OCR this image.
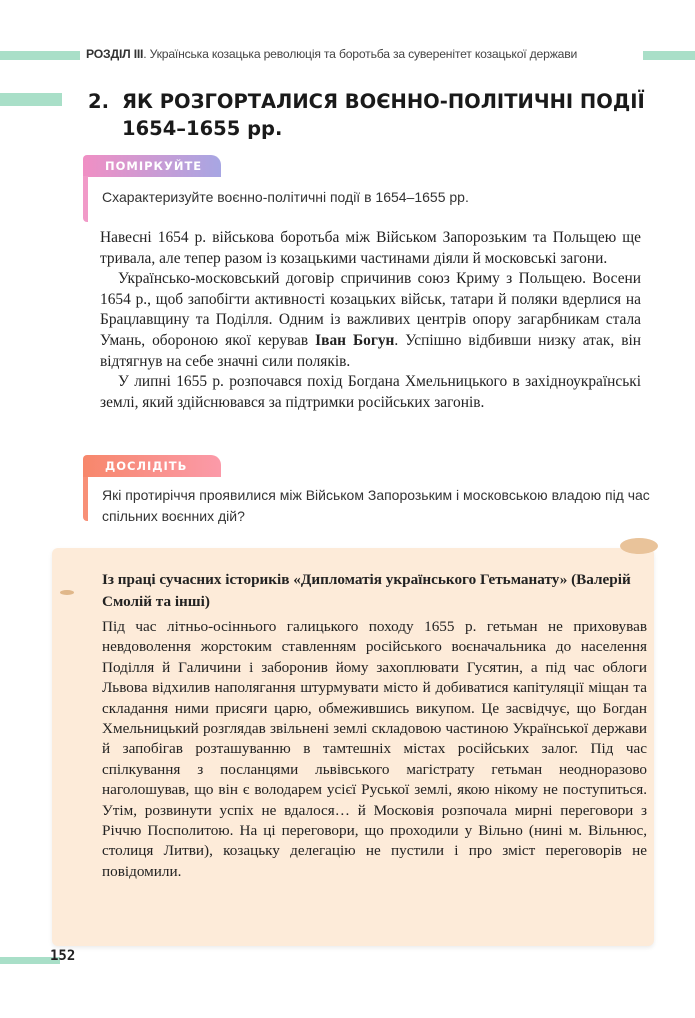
РОЗДІЛ III. Українська козацька революція та боротьба за суверенітет козацької держави
2. ЯК РОЗГОРТАЛИСЯ ВОЄННО-ПОЛІТИЧНІ ПОДІЇ 1654–1655 рр.
ПОМІРКУЙТЕ
Схарактеризуйте воєнно-політичні події в 1654–1655 рр.

Навесні 1654 р. військова боротьба між Військом Запорозьким та Польщею ще тривала, але тепер разом із козацькими частинами діяли й московські загони.

Українсько-московський договір спричинив союз Криму з Польщею. Восени 1654 р., щоб запобігти активності козацьких військ, татари й поляки вдерлися на Брацлавщину та Поділля. Одним із важливих центрів опору загарбникам стала Умань, обороною якої керував Іван Богун. Успішно відбивши низку атак, він відтягнув на себе значні сили поляків.

У липні 1655 р. розпочався похід Богдана Хмельницького в західноукраїнські землі, який здійснювався за підтримки російських загонів.

ДОСЛІДІТЬ
Які протиріччя проявилися між Військом Запорозьким і московською владою під час спільних воєнних дій?
Із праці сучасних істориків «Дипломатія українського Гетьманату» (Валерій Смолій та інші)
Під час літньо-осіннього галицького походу 1655 р. гетьман не приховував невдоволення жорстоким ставленням російського воєначальника до населення Поділля й Галичини і заборонив йому захоплювати Гусятин, а під час облоги Львова відхилив наполягання штурмувати місто й добиватися капітуляції міщан та складання ними присяги царю, обмежившись викупом. Це засвідчує, що Богдан Хмельницький розглядав звільнені землі складовою частиною Української держави й запобігав розташуванню в тамтешніх містах російських залог. Під час спілкування з посланцями львівського магістрату гетьман неодноразово наголошував, що він є володарем усієї Руської землі, якою нікому не поступиться. Утім, розвинути успіх не вдалося… й Московія розпочала мирні переговори з Річчю Посполитою. На ці переговори, що проходили у Вільно (нині м. Вільнюс, столиця Литви), козацьку делегацію не пустили і про зміст переговорів не повідомили.
152
